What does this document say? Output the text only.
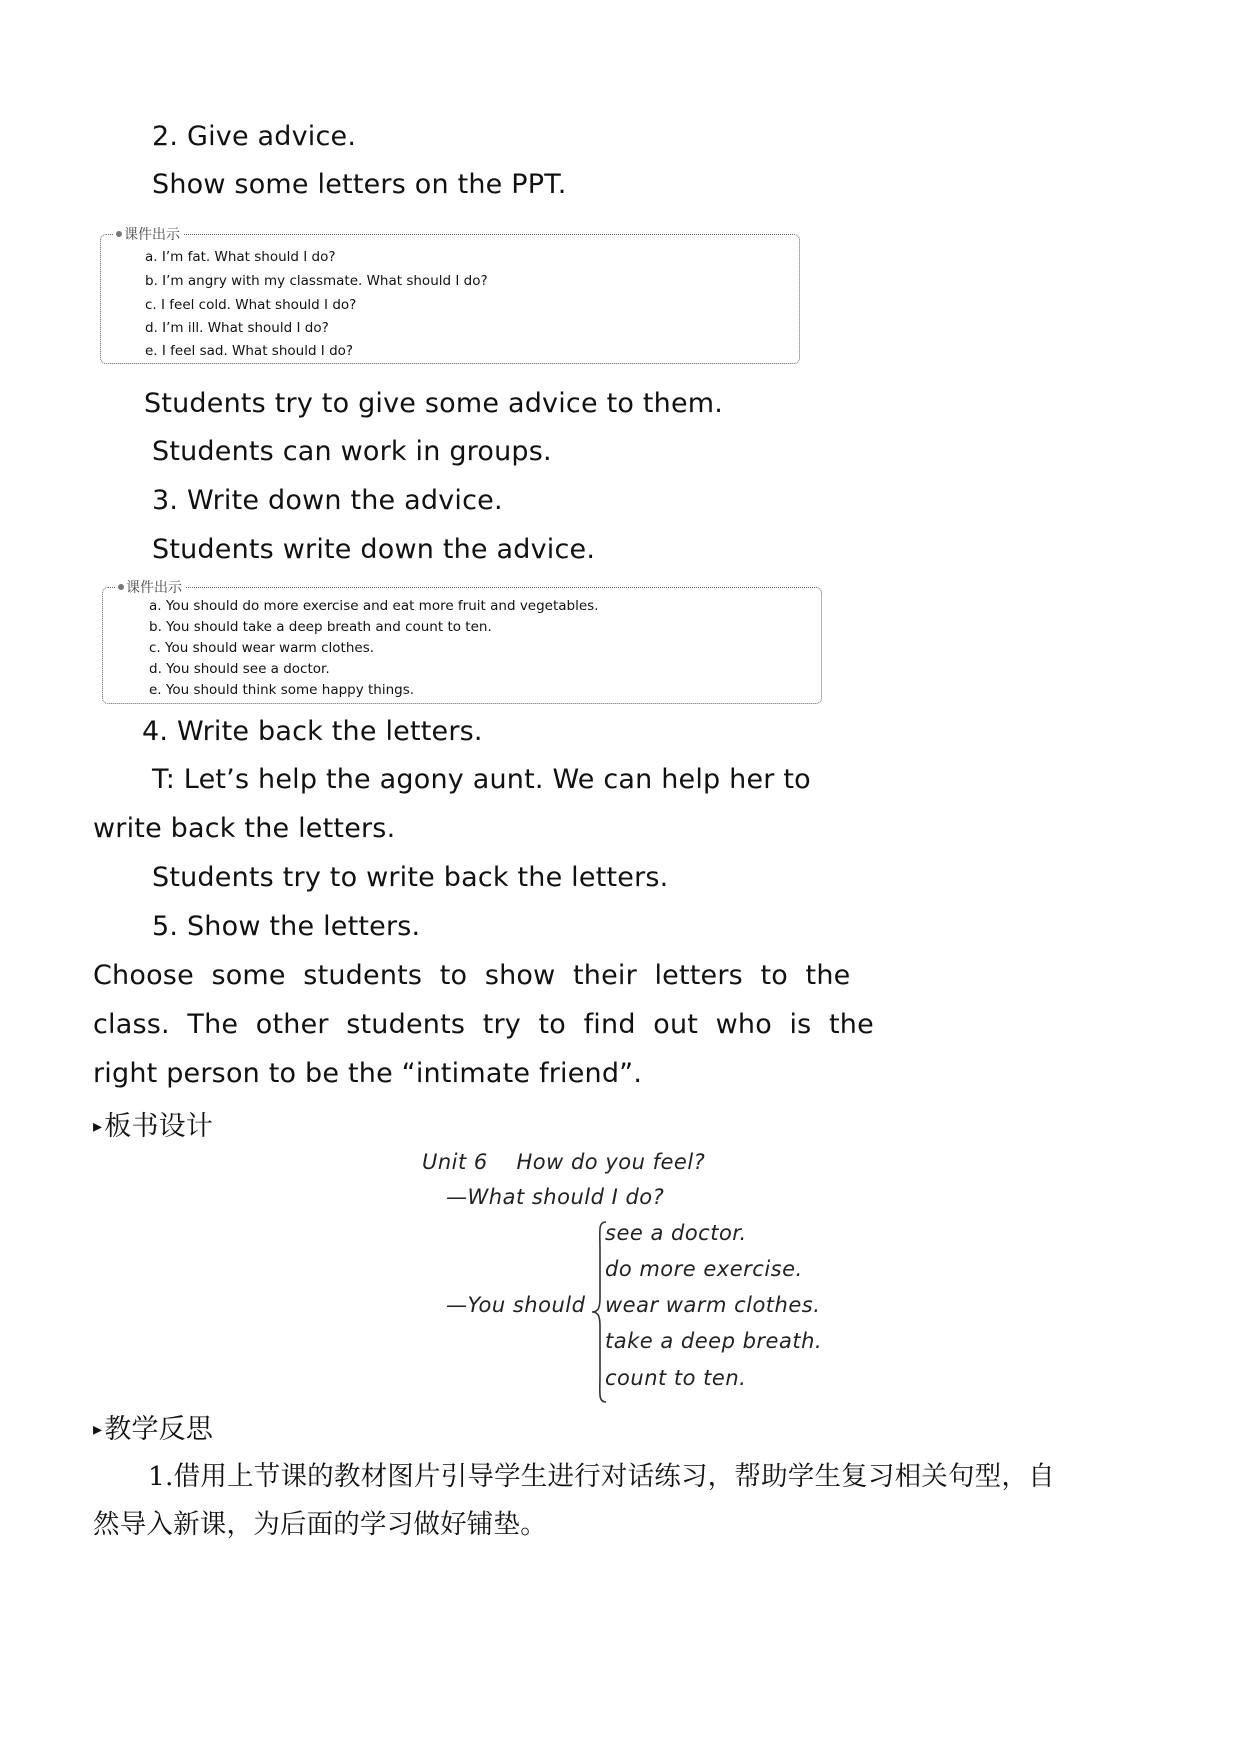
2. Give advice.
Show some letters on the PPT.
课件出示
a. I’m fat. What should I do?
b. I’m angry with my classmate. What should I do?
c. I feel cold. What should I do?
d. I’m ill. What should I do?
e. I feel sad. What should I do?
Students try to give some advice to them.
Students can work in groups.
3. Write down the advice.
Students write down the advice.
课件出示
a. You should do more exercise and eat more fruit and vegetables.
b. You should take a deep breath and count to ten.
c. You should wear warm clothes.
d. You should see a doctor.
e. You should think some happy things.
4. Write back the letters.
T: Let’s help the agony aunt. We can help her to
write back the letters.
Students try to write back the letters.
5. Show the letters.
Choose  some  students  to  show  their  letters  to  the
class.  The  other  students  try  to  find  out  who  is  the
right person to be the “intimate friend”.
▸板书设计
Unit 6    How do you feel?
—What should I do?
—You should
see a doctor.
do more exercise.
wear warm clothes.
take a deep breath.
count to ten.
▸教学反思
1.借用上节课的教材图片引导学生进行对话练习，帮助学生复习相关句型，自
然导入新课，为后面的学习做好铺垫。
